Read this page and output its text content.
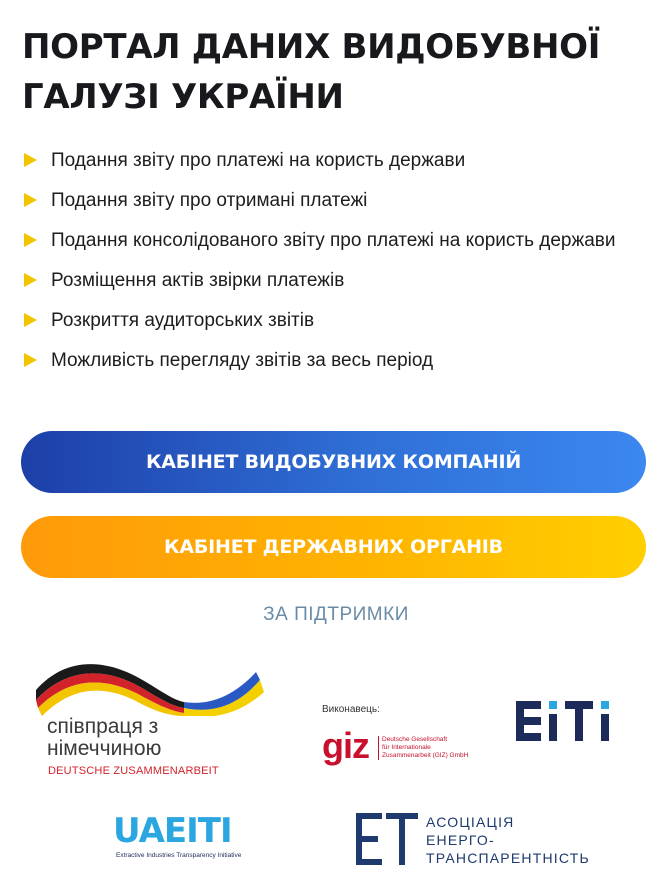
ПОРТАЛ ДАНИХ ВИДОБУВНОЇ ГАЛУЗІ УКРАЇНИ
Подання звіту про платежі на користь держави
Подання звіту про отримані платежі
Подання консолідованого звіту про платежі на користь держави
Розміщення актів звірки платежів
Розкриття аудиторських звітів
Можливість перегляду звітів за весь період
КАБІНЕТ ВИДОБУВНИХ КОМПАНІЙ
КАБІНЕТ ДЕРЖАВНИХ ОРГАНІВ
ЗА ПІДТРИМКИ
співпраця з
німеччиною
DEUTSCHE ZUSAMMENARBEIT
Виконавець:
giz	Deutsche Gesellschaft
für Internationale
Zusammenarbeit (GIZ) GmbH
UAEITI
Extractive Industries Transparency Initiative
АСОЦІАЦІЯ
ЕНЕРГО-
ТРАНСПАРЕНТНІСТЬ
